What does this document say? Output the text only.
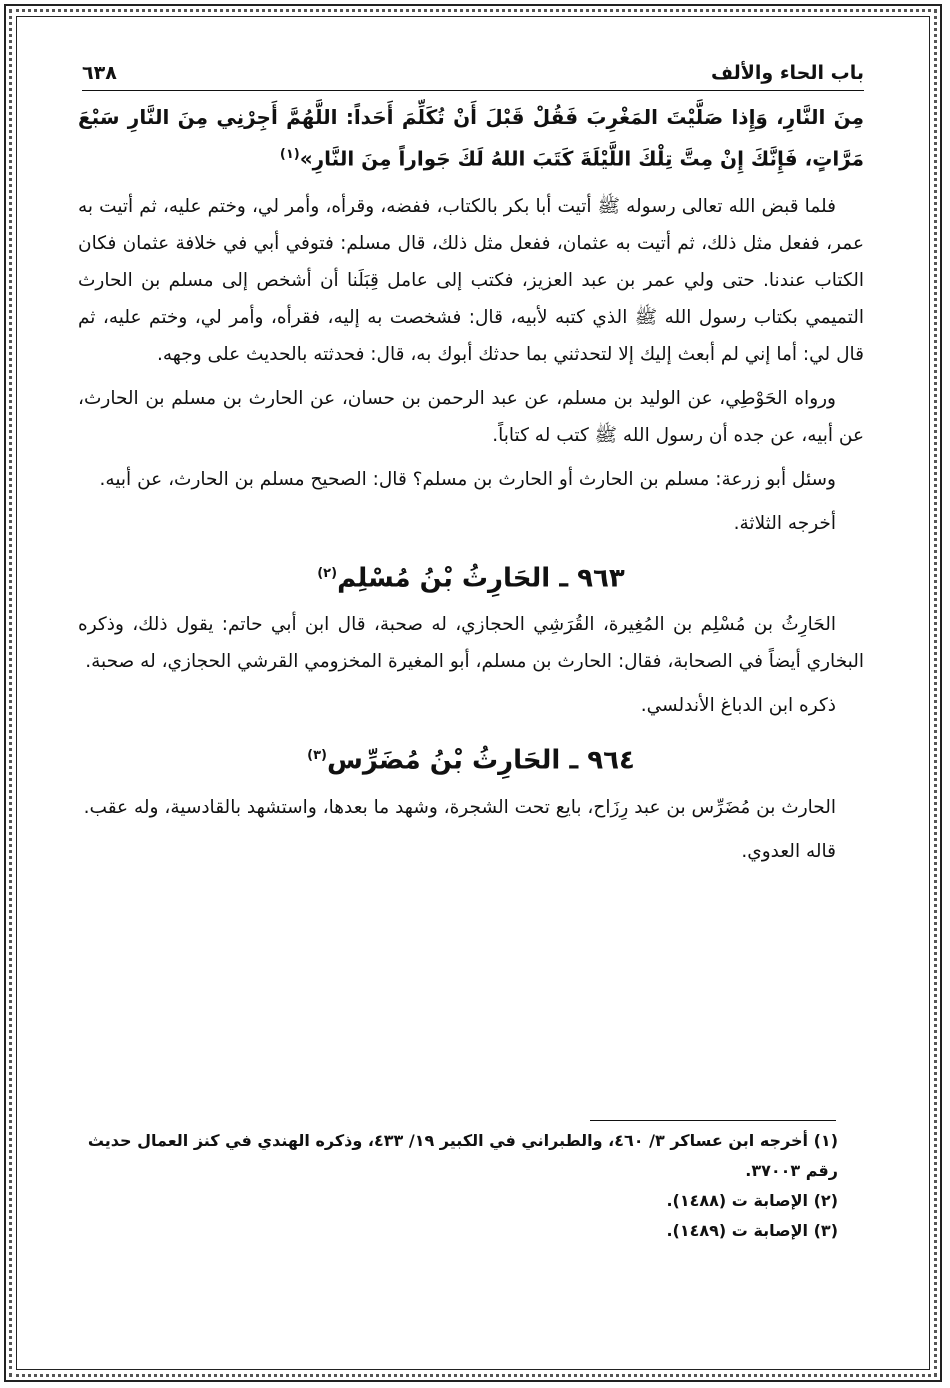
باب الحاء والألف
٦٣٨

مِنَ النَّارِ، وَإِذا صَلَّيْتَ المَغْرِبَ فَقُلْ قَبْلَ أَنْ تُكَلِّمَ أَحَداً: اللَّهُمَّ أَجِرْنِي مِنَ النَّارِ سَبْعَ مَرَّاتٍ، فَإِنَّكَ إِنْ مِتَّ تِلْكَ اللَّيْلَةَ كَتَبَ اللهُ لَكَ جَواراً مِنَ النَّارِ»$^{(١)}$

فلما قبض الله تعالى رسوله ﷺ أتيت أبا بكر بالكتاب، ففضه، وقرأه، وأمر لي، وختم عليه، ثم أتيت به عمر، ففعل مثل ذلك، ثم أتيت به عثمان، ففعل مثل ذلك، قال مسلم: فتوفي أبي في خلافة عثمان فكان الكتاب عندنا. حتى ولي عمر بن عبد العزيز، فكتب إلى عامل قِبَلَنا أن أشخص إلى مسلم بن الحارث التميمي بكتاب رسول الله ﷺ الذي كتبه لأبيه، قال: فشخصت به إليه، فقرأه، وأمر لي، وختم عليه، ثم قال لي: أما إني لم أبعث إليك إلا لتحدثني بما حدثك أبوك به، قال: فحدثته بالحديث على وجهه.

ورواه الحَوْطِي، عن الوليد بن مسلم، عن عبد الرحمن بن حسان، عن الحارث بن مسلم بن الحارث، عن أبيه، عن جده أن رسول الله ﷺ كتب له كتاباً.

وسئل أبو زرعة: مسلم بن الحارث أو الحارث بن مسلم؟ قال: الصحيح مسلم بن الحارث، عن أبيه.

أخرجه الثلاثة.

٩٦٣ ـ الحَارِثُ بْنُ مُسْلِم$^{(٢)}$

الحَارِثُ بن مُسْلِم بن المُغِيرة، القُرَشِي الحجازي، له صحبة، قال ابن أبي حاتم: يقول ذلك، وذكره البخاري أيضاً في الصحابة، فقال: الحارث بن مسلم، أبو المغيرة المخزومي القرشي الحجازي، له صحبة.

ذكره ابن الدباغ الأندلسي.

٩٦٤ ـ الحَارِثُ بْنُ مُضَرِّس$^{(٣)}$

الحارث بن مُضَرِّس بن عبد رِزَاح، بايع تحت الشجرة، وشهد ما بعدها، واستشهد بالقادسية، وله عقب.

قاله العدوي.

(١) أخرجه ابن عساكر ٣/ ٤٦٠، والطبراني في الكبير ١٩/ ٤٣٣، وذكره الهندي في كنز العمال حديث رقم ٣٧٠٠٣.
(٢) الإصابة ت (١٤٨٨).
(٣) الإصابة ت (١٤٨٩).
